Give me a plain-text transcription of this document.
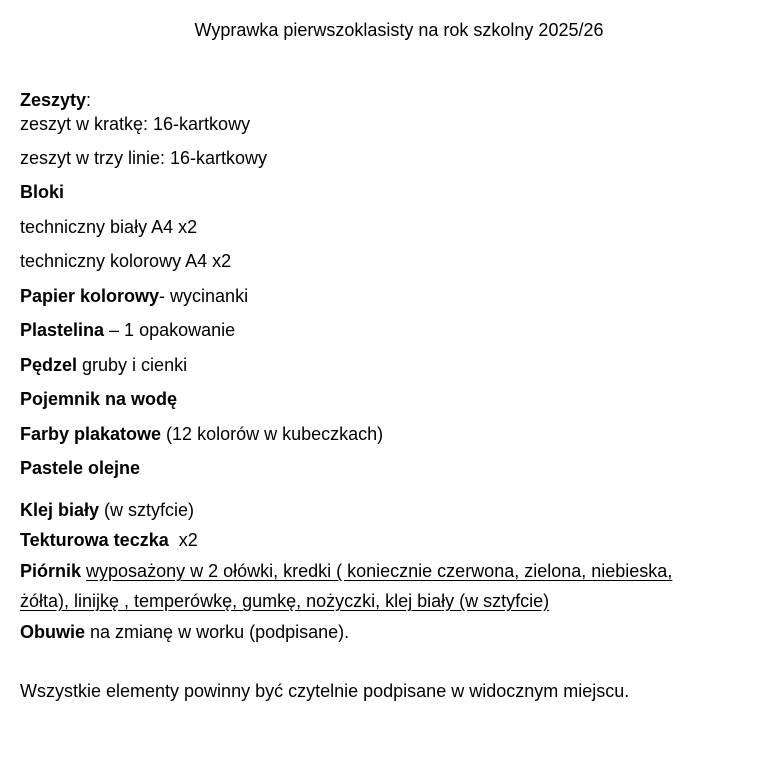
Wyprawka pierwszoklasisty na rok szkolny 2025/26
Zeszyty:
zeszyt w kratkę: 16-kartkowy
zeszyt w trzy linie: 16-kartkowy
Bloki
techniczny biały A4 x2
techniczny kolorowy A4 x2
Papier kolorowy- wycinanki
Plastelina – 1 opakowanie
Pędzel gruby i cienki
Pojemnik na wodę
Farby plakatowe (12 kolorów w kubeczkach)
Pastele olejne
Klej biały (w sztyfcie)
Tekturowa teczka  x2
Piórnik wyposażony w 2 ołówki, kredki ( koniecznie czerwona, zielona, niebieska,
żółta), linijkę , temperówkę, gumkę, nożyczki, klej biały (w sztyfcie)
Obuwie na zmianę w worku (podpisane).
Wszystkie elementy powinny być czytelnie podpisane w widocznym miejscu.
